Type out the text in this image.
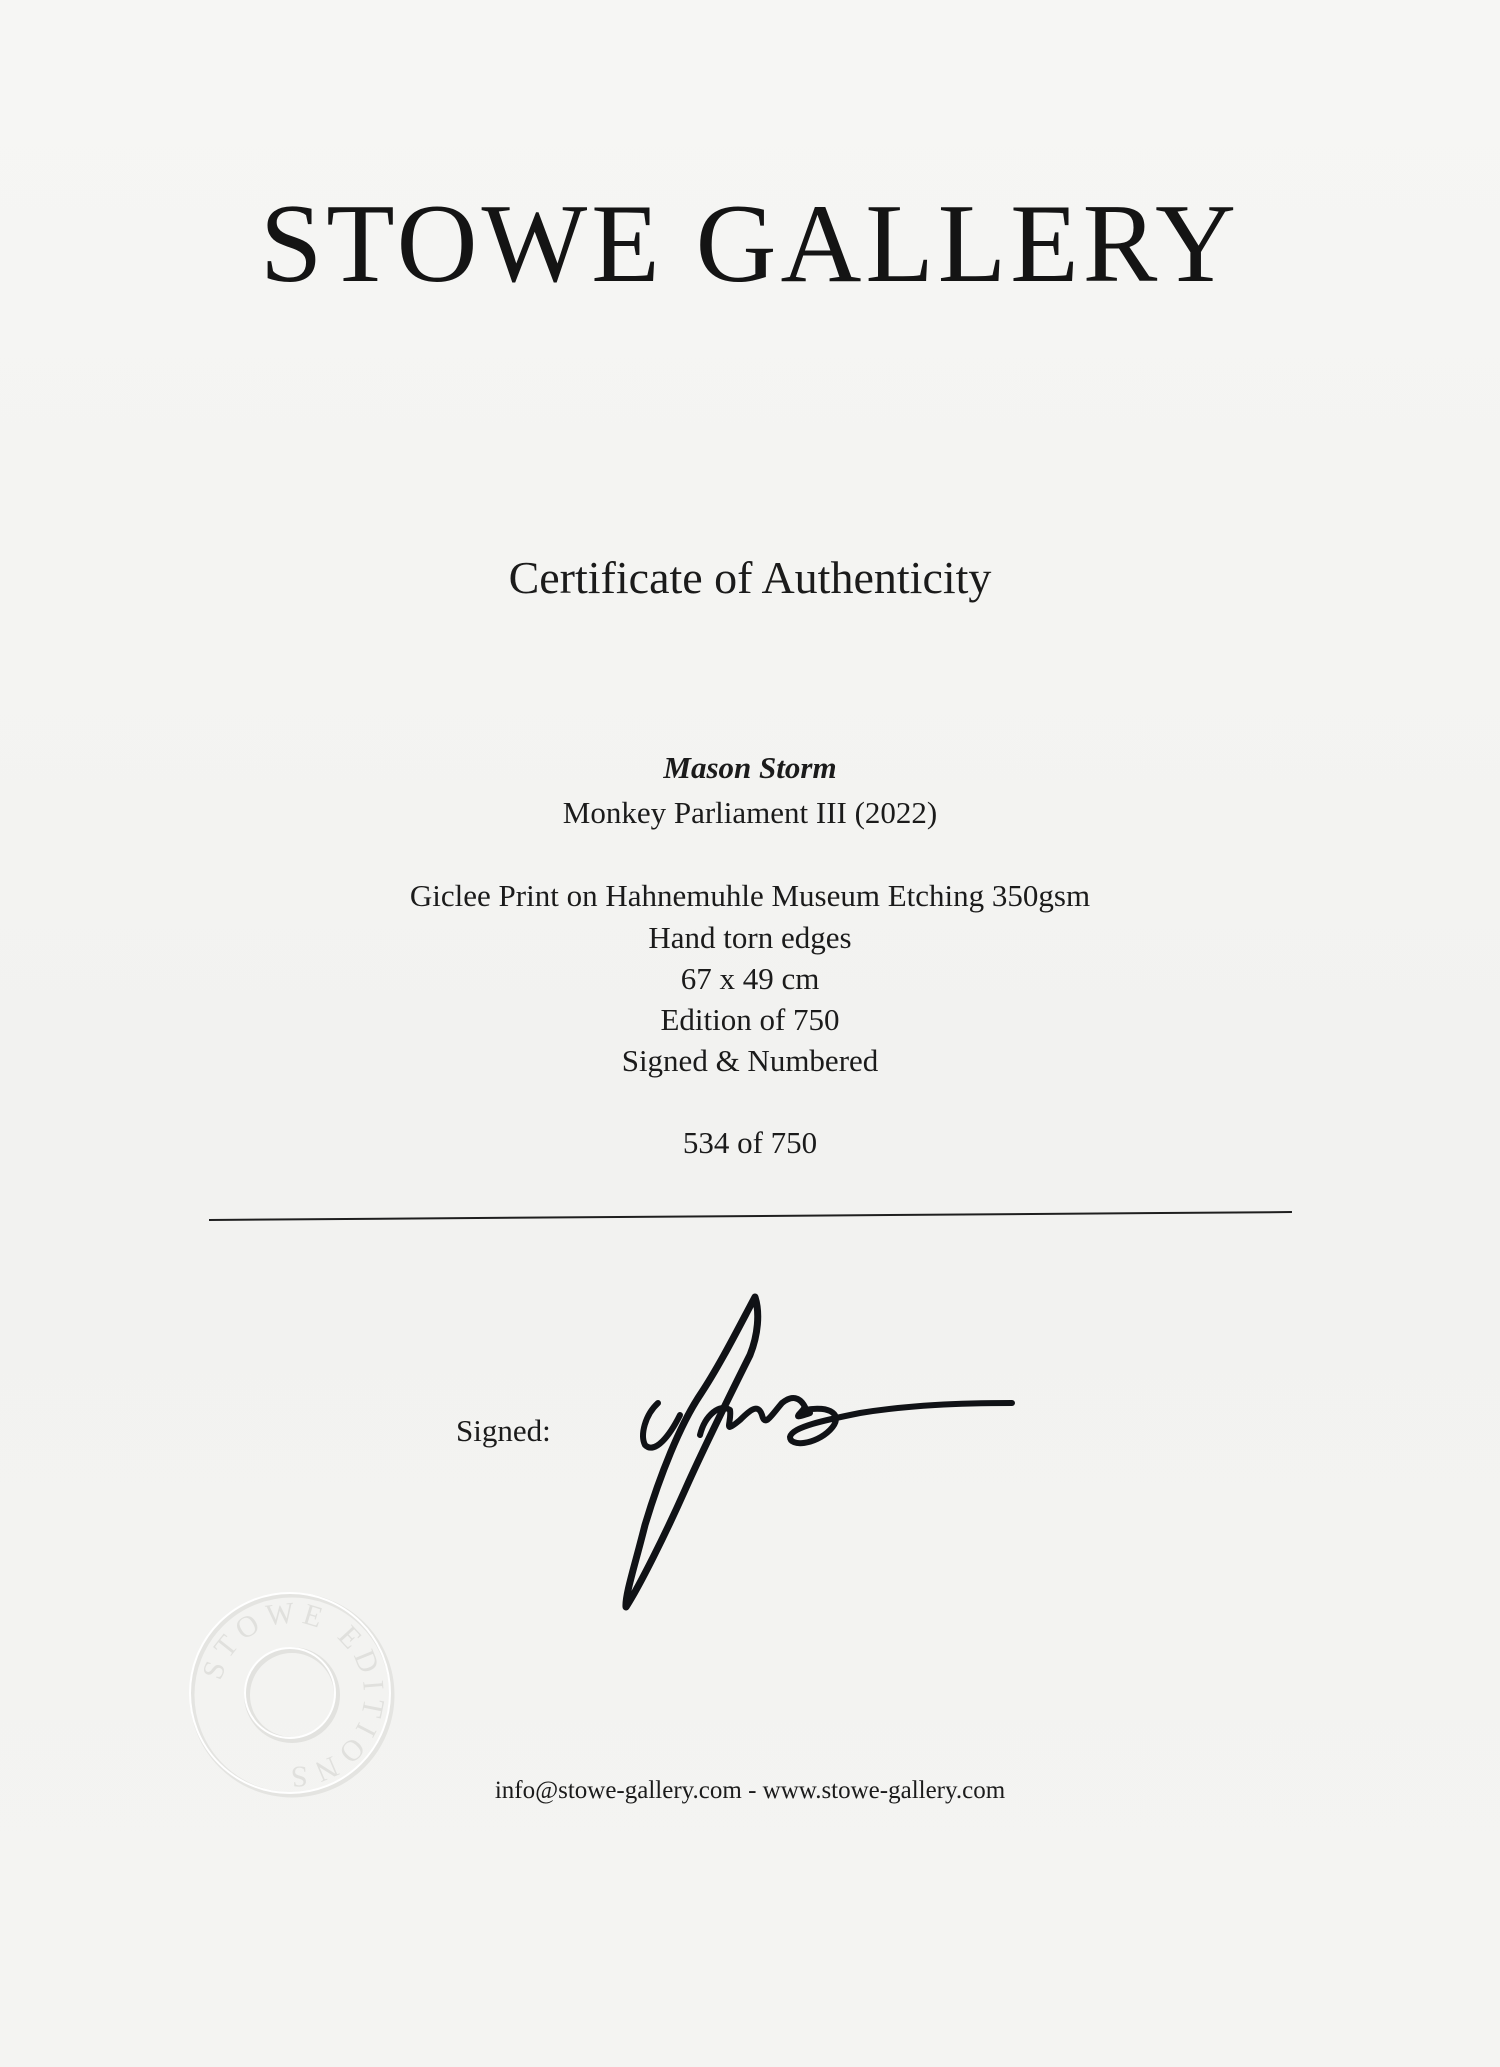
STOWE GALLERY
Certificate of Authenticity
Mason Storm
Monkey Parliament III (2022)
Giclee Print on Hahnemuhle Museum Etching 350gsm
Hand torn edges
67 x 49 cm
Edition of 750
Signed & Numbered
534 of 750
Signed:
STOWE EDITIONS	info@stowe-gallery.com - www.stowe-gallery.com
